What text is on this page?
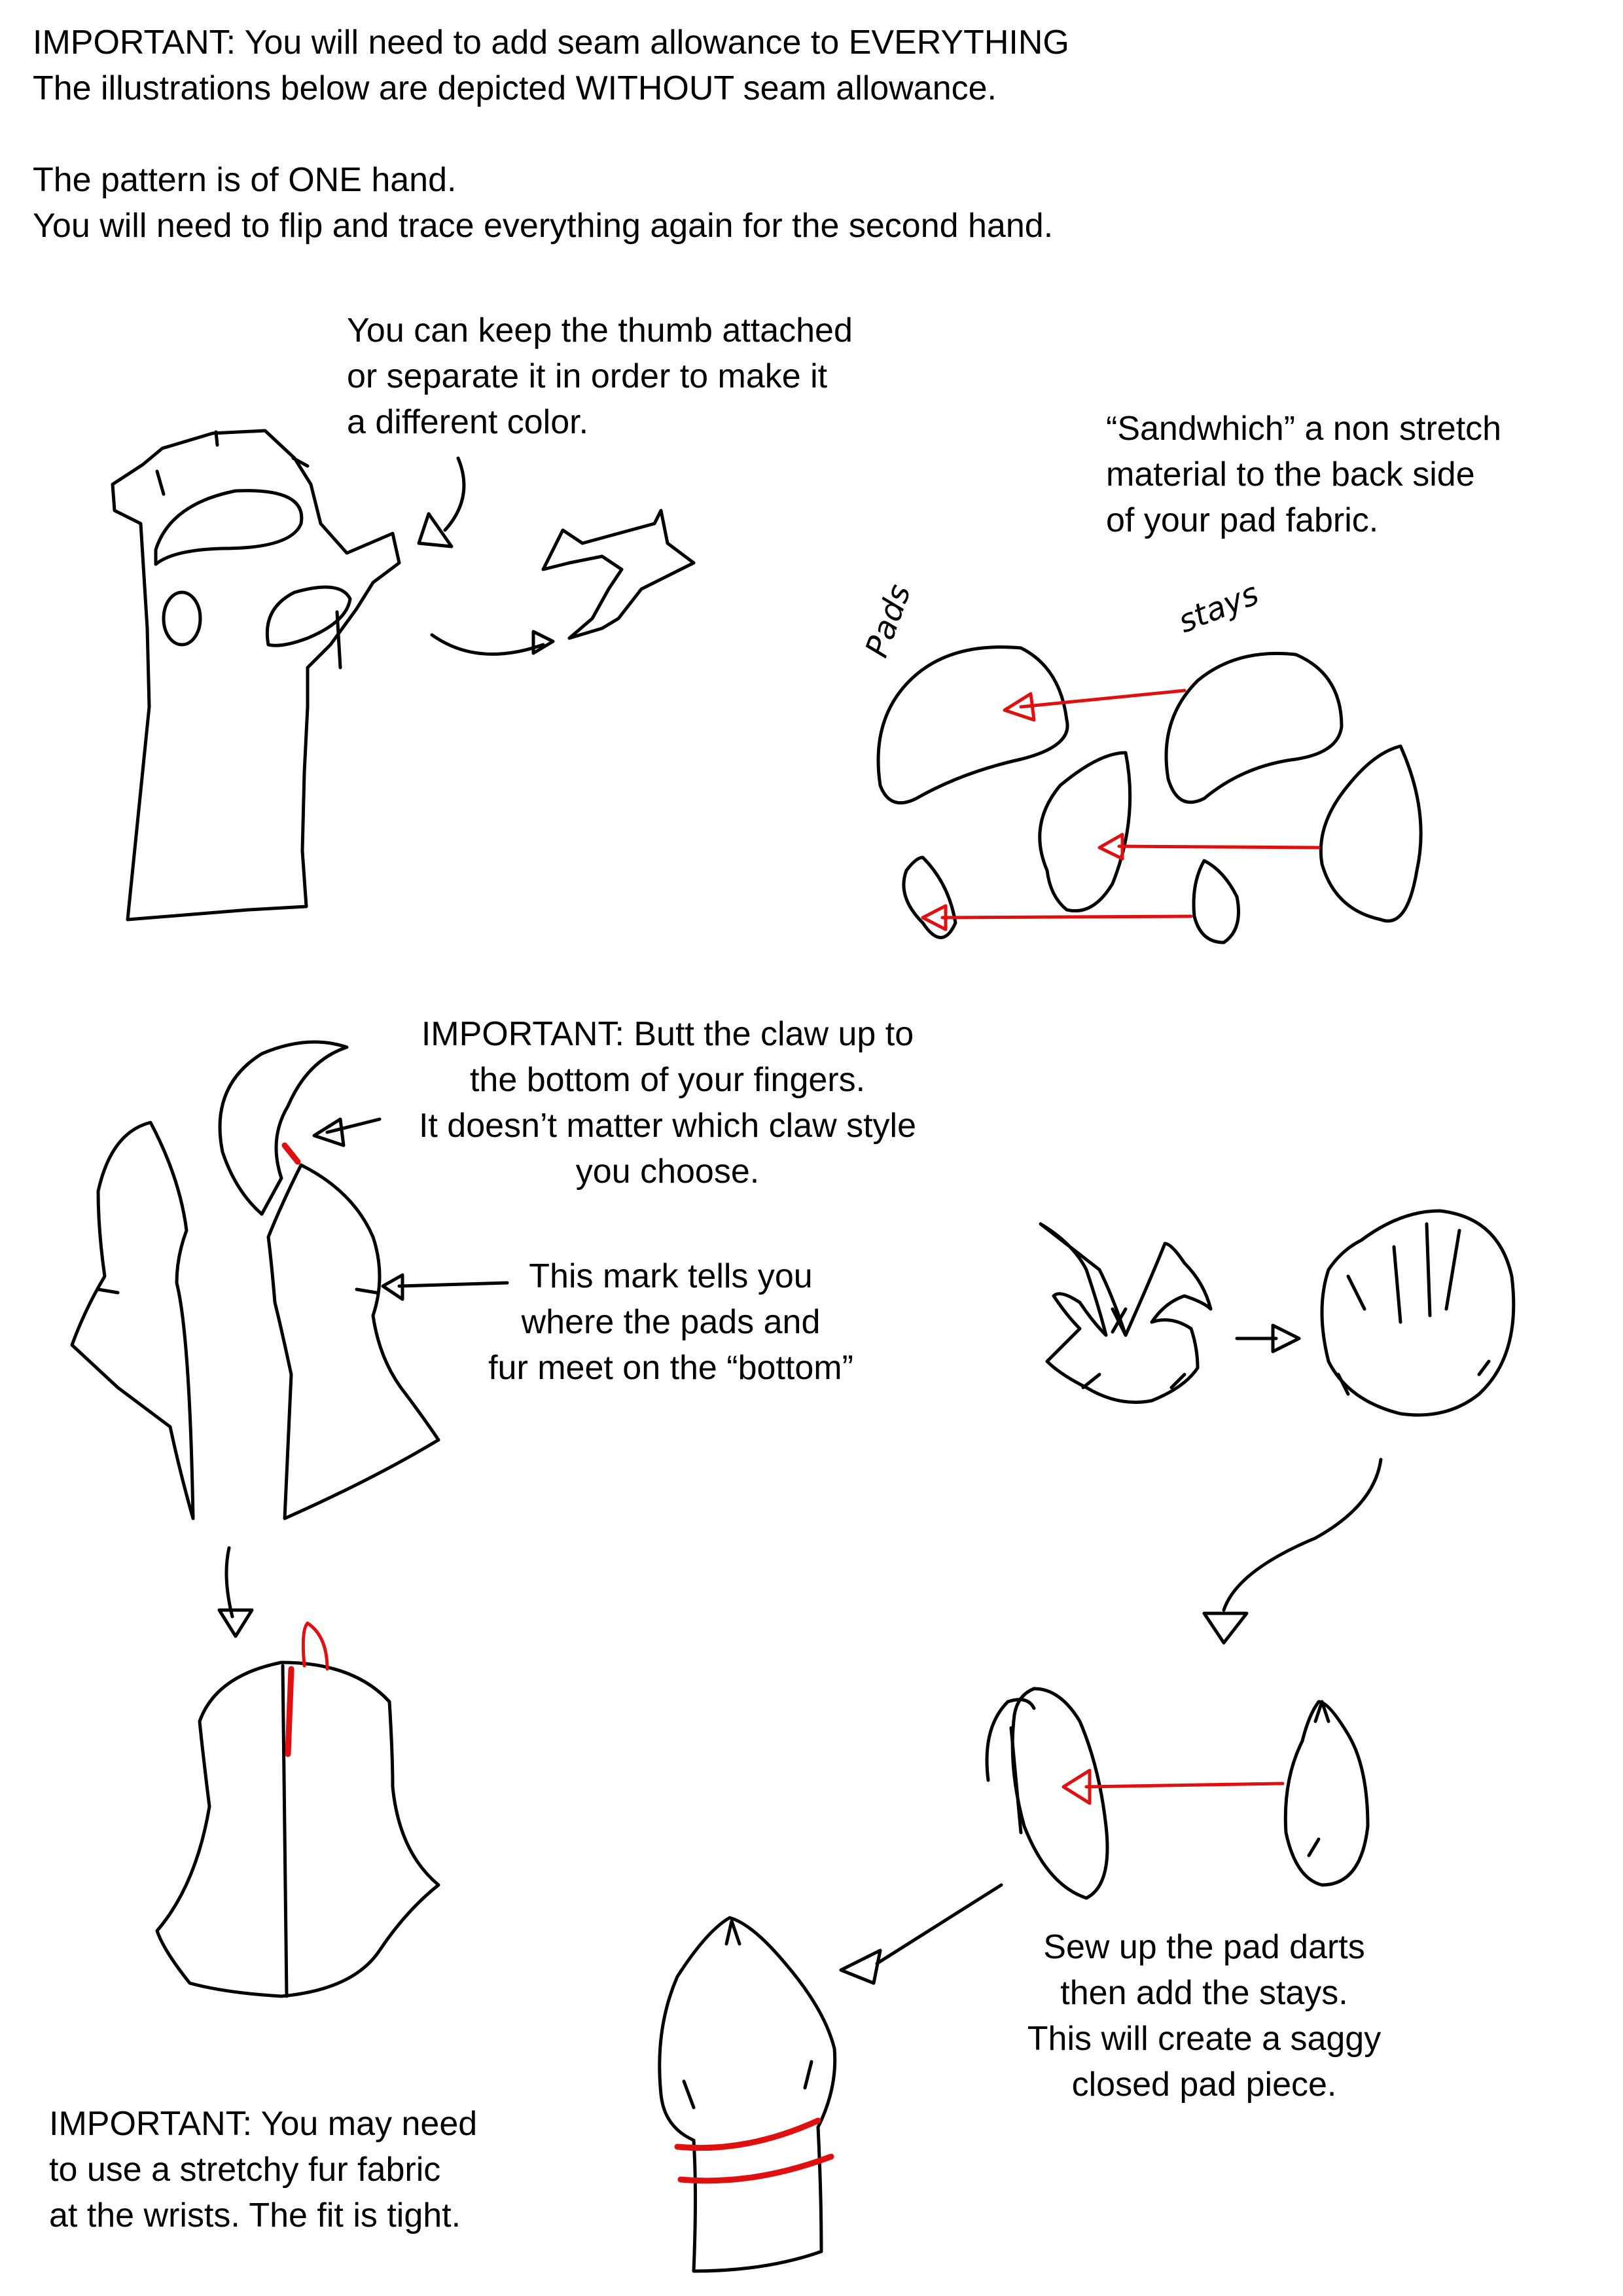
IMPORTANT: You will need to add seam allowance to EVERYTHING
The illustrations below are depicted WITHOUT seam allowance.
The pattern is of ONE hand.
You will need to flip and trace everything again for the second hand.
You can keep the thumb attached
or separate it in order to make it
a different color.	“Sandwhich” a non stretch
material to the back side
of your pad fabric.
Pads	stays
IMPORTANT: Butt the claw up to
the bottom of your fingers.
It doesn’t matter which claw style
you choose.
This mark tells you
where the pads and
fur meet on the “bottom”
Sew up the pad darts
then add the stays.
This will create a saggy
closed pad piece.
IMPORTANT: You may need
to use a stretchy fur fabric
at the wrists. The fit is tight.
